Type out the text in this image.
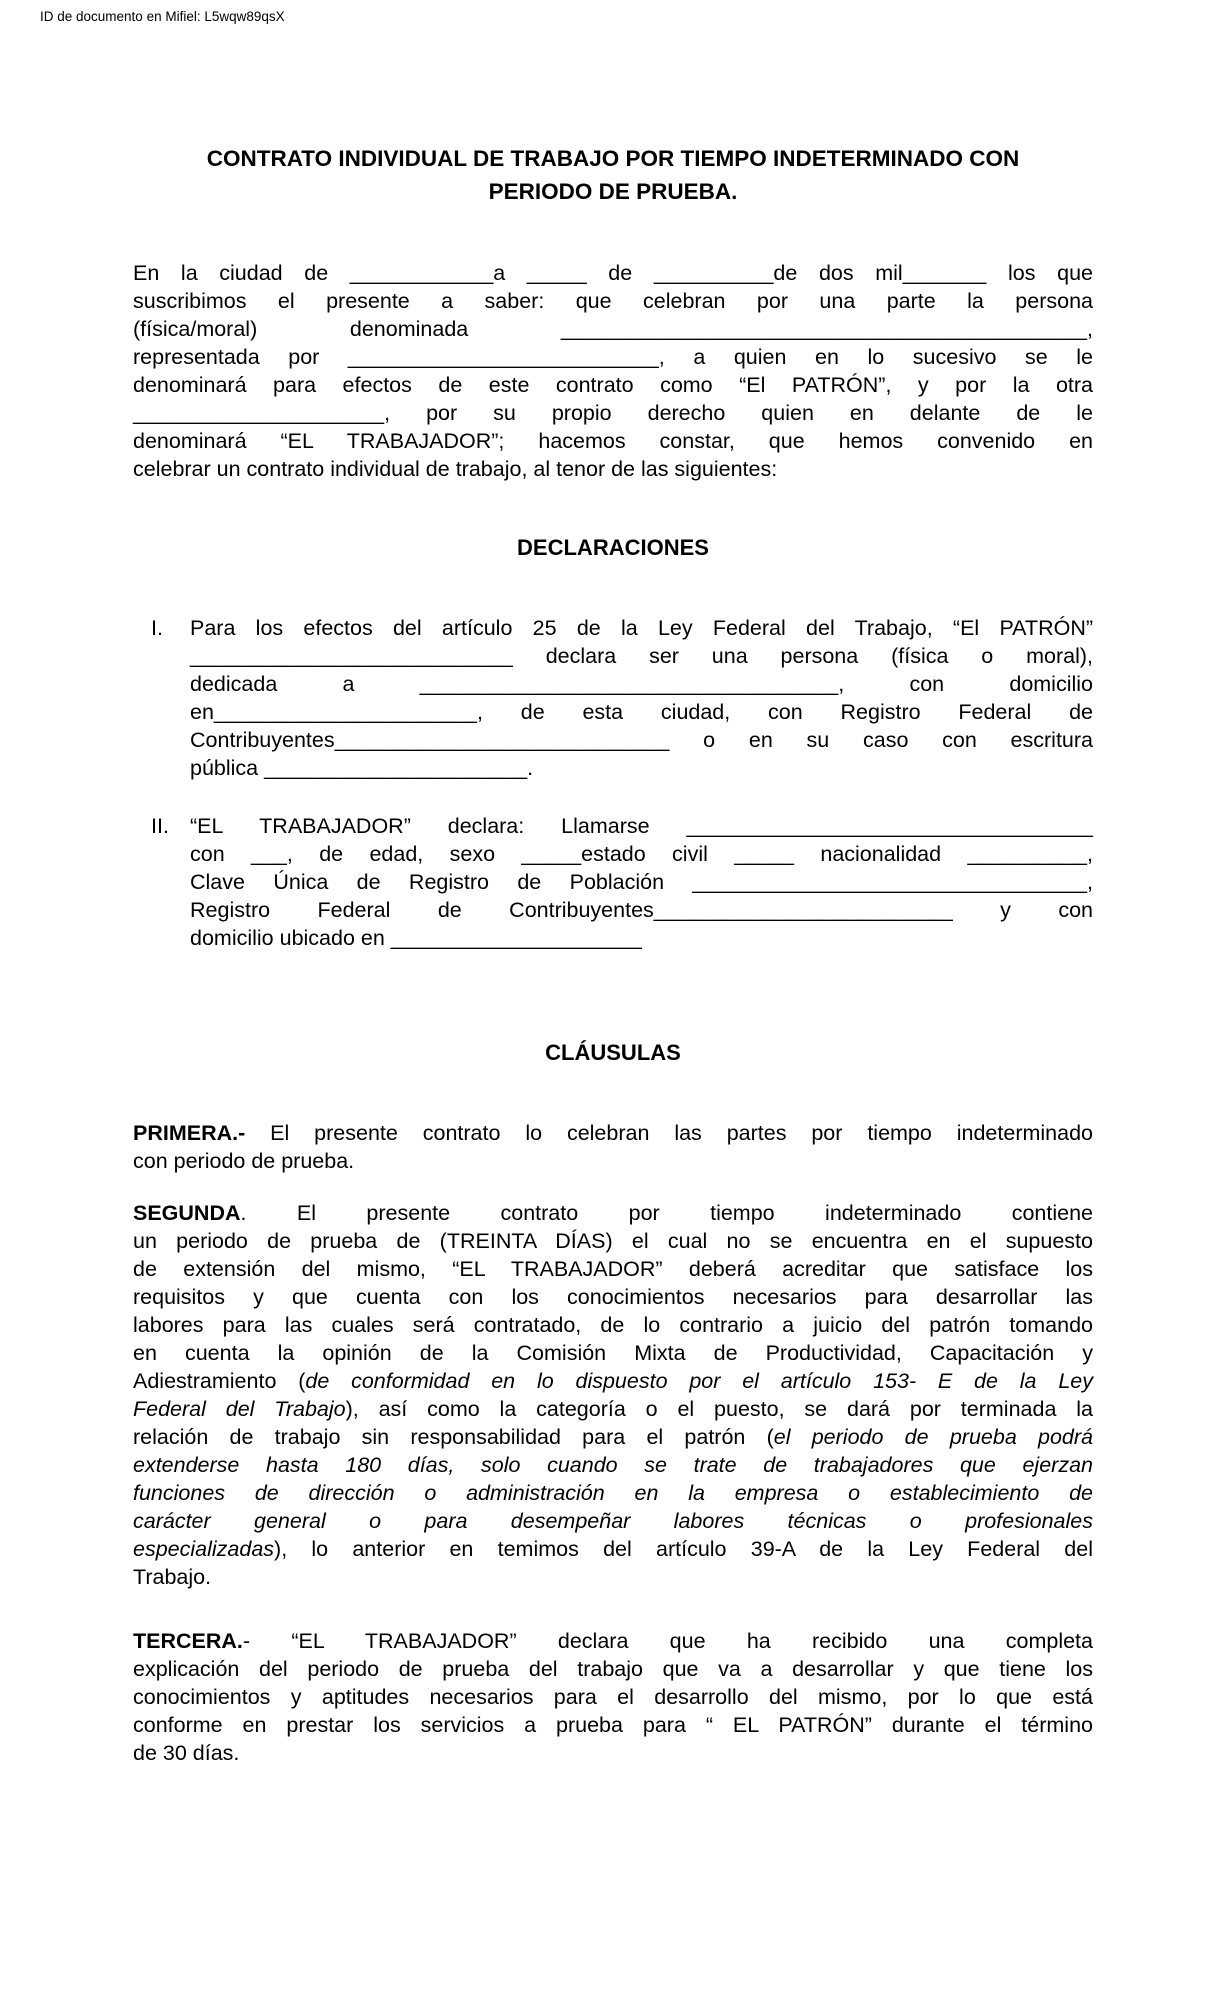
ID de documento en Mifiel: L5wqw89qsX
CONTRATO INDIVIDUAL DE TRABAJO POR TIEMPO INDETERMINADO CON
PERIODO DE PRUEBA.
En la ciudad de ____________a _____ de __________de dos mil_______ los que
suscribimos el presente a saber: que celebran por una parte la persona
(física/moral) denominada ____________________________________________,
representada por __________________________, a quien en lo sucesivo se le
denominará para efectos de este contrato como “El PATRÓN”, y por la otra
_____________________, por su propio derecho quien en delante de le
denominará “EL TRABAJADOR”; hacemos constar, que hemos convenido en
celebrar un contrato individual de trabajo, al tenor de las siguientes:
DECLARACIONES
I. Para los efectos del artículo 25 de la Ley Federal del Trabajo, “El PATRÓN”
___________________________ declara ser una persona (física o moral),
dedicada a ___________________________________, con domicilio
en______________________, de esta ciudad, con Registro Federal de
Contribuyentes____________________________ o en su caso con escritura
pública ______________________.
II. “EL TRABAJADOR” declara: Llamarse __________________________________
con ___, de edad, sexo _____estado civil _____ nacionalidad __________,
Clave Única de Registro de Población _________________________________,
Registro Federal de Contribuyentes_________________________ y con
domicilio ubicado en _____________________
CLÁUSULAS
PRIMERA.- El presente contrato lo celebran las partes por tiempo indeterminado
con periodo de prueba.
SEGUNDA. El presente contrato por tiempo indeterminado contiene
un periodo de prueba de (TREINTA DÍAS) el cual no se encuentra en el supuesto
de extensión del mismo, “EL TRABAJADOR” deberá acreditar que satisface los
requisitos y que cuenta con los conocimientos necesarios para desarrollar las
labores para las cuales será contratado, de lo contrario a juicio del patrón tomando
en cuenta la opinión de la Comisión Mixta de Productividad, Capacitación y
Adiestramiento (de conformidad en lo dispuesto por el artículo 153- E de la Ley
Federal del Trabajo), así como la categoría o el puesto, se dará por terminada la
relación de trabajo sin responsabilidad para el patrón (el periodo de prueba podrá
extenderse hasta 180 días, solo cuando se trate de trabajadores que ejerzan
funciones de dirección o administración en la empresa o establecimiento de
carácter general o para desempeñar labores técnicas o profesionales
especializadas), lo anterior en temimos del artículo 39-A de la Ley Federal del
Trabajo.
TERCERA.- “EL TRABAJADOR” declara que ha recibido una completa
explicación del periodo de prueba del trabajo que va a desarrollar y que tiene los
conocimientos y aptitudes necesarios para el desarrollo del mismo, por lo que está
conforme en prestar los servicios a prueba para “ EL PATRÓN” durante el término
de 30 días.
